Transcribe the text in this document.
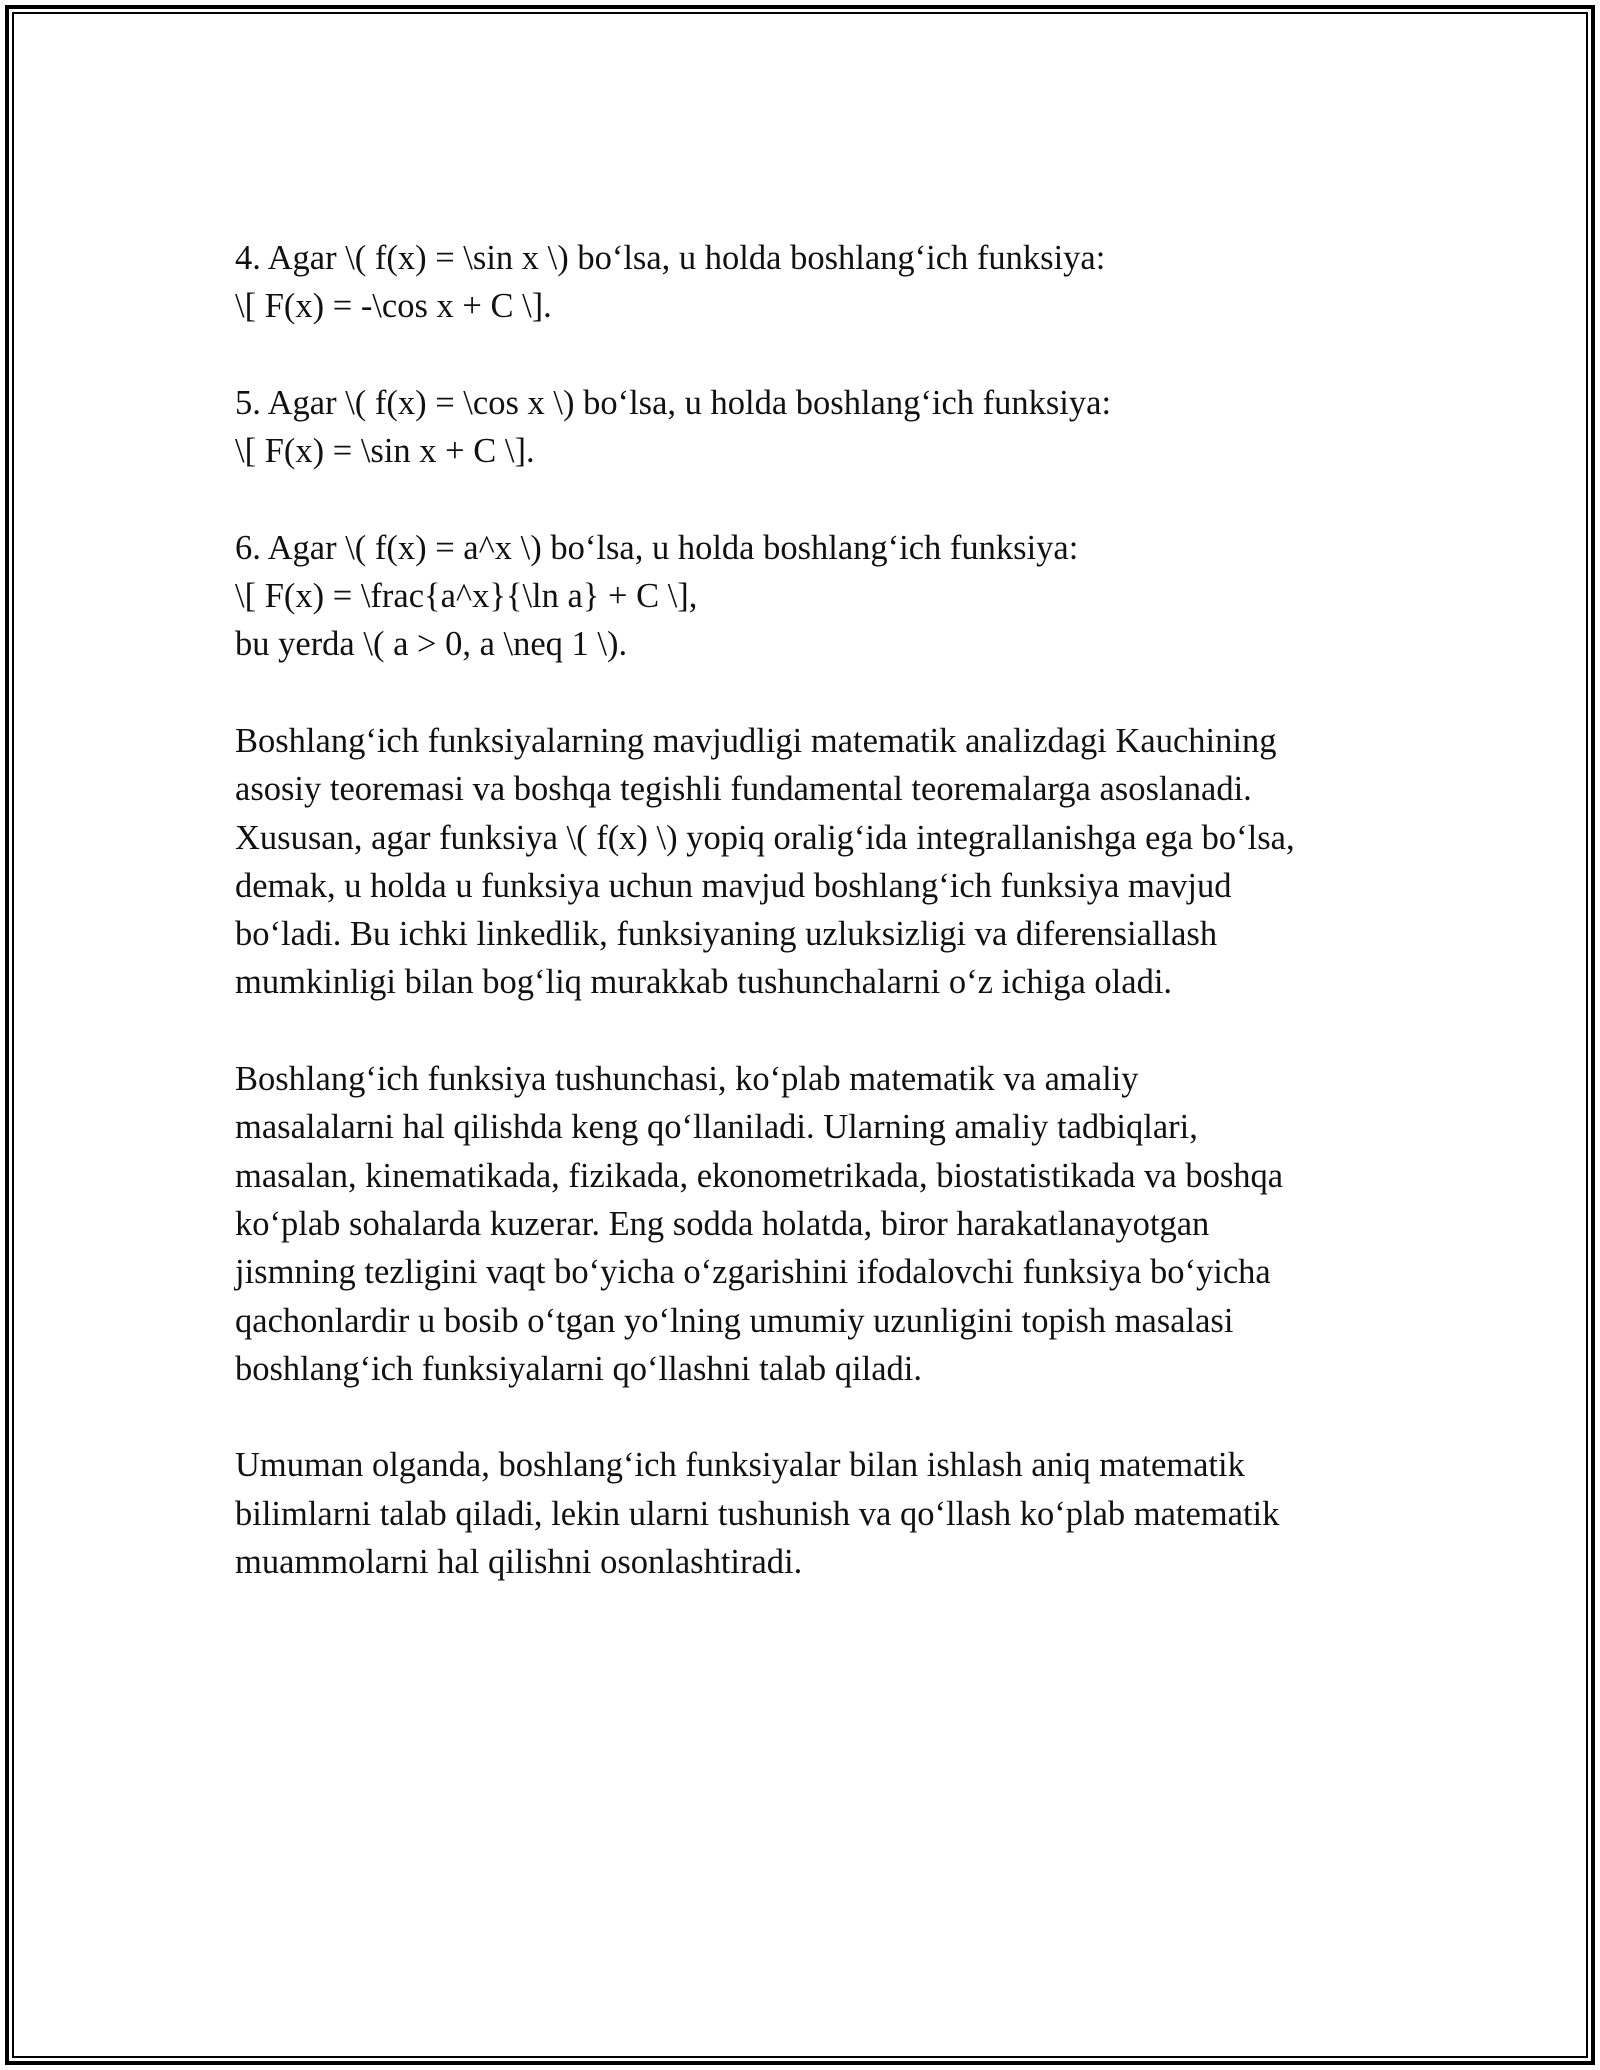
4. Agar \( f(x) = \sin x \) bo‘lsa, u holda boshlang‘ich funksiya:
\[ F(x) = -\cos x + C \].
5. Agar \( f(x) = \cos x \) bo‘lsa, u holda boshlang‘ich funksiya:
\[ F(x) = \sin x + C \].
6. Agar \( f(x) = a^x \) bo‘lsa, u holda boshlang‘ich funksiya:
\[ F(x) = \frac{a^x}{\ln a} + C \],
bu yerda \( a > 0, a \neq 1 \).
Boshlang‘ich funksiyalarning mavjudligi matematik analizdagi Kauchining
asosiy teoremasi va boshqa tegishli fundamental teoremalarga asoslanadi.
Xususan, agar funksiya \( f(x) \) yopiq oralig‘ida integrallanishga ega bo‘lsa,
demak, u holda u funksiya uchun mavjud boshlang‘ich funksiya mavjud
bo‘ladi. Bu ichki linkedlik, funksiyaning uzluksizligi va diferensiallash
mumkinligi bilan bog‘liq murakkab tushunchalarni o‘z ichiga oladi.
Boshlang‘ich funksiya tushunchasi, ko‘plab matematik va amaliy
masalalarni hal qilishda keng qo‘llaniladi. Ularning amaliy tadbiqlari,
masalan, kinematikada, fizikada, ekonometrikada, biostatistikada va boshqa
ko‘plab sohalarda kuzerar. Eng sodda holatda, biror harakatlanayotgan
jismning tezligini vaqt bo‘yicha o‘zgarishini ifodalovchi funksiya bo‘yicha
qachonlardir u bosib o‘tgan yo‘lning umumiy uzunligini topish masalasi
boshlang‘ich funksiyalarni qo‘llashni talab qiladi.
Umuman olganda, boshlang‘ich funksiyalar bilan ishlash aniq matematik
bilimlarni talab qiladi, lekin ularni tushunish va qo‘llash ko‘plab matematik
muammolarni hal qilishni osonlashtiradi.
